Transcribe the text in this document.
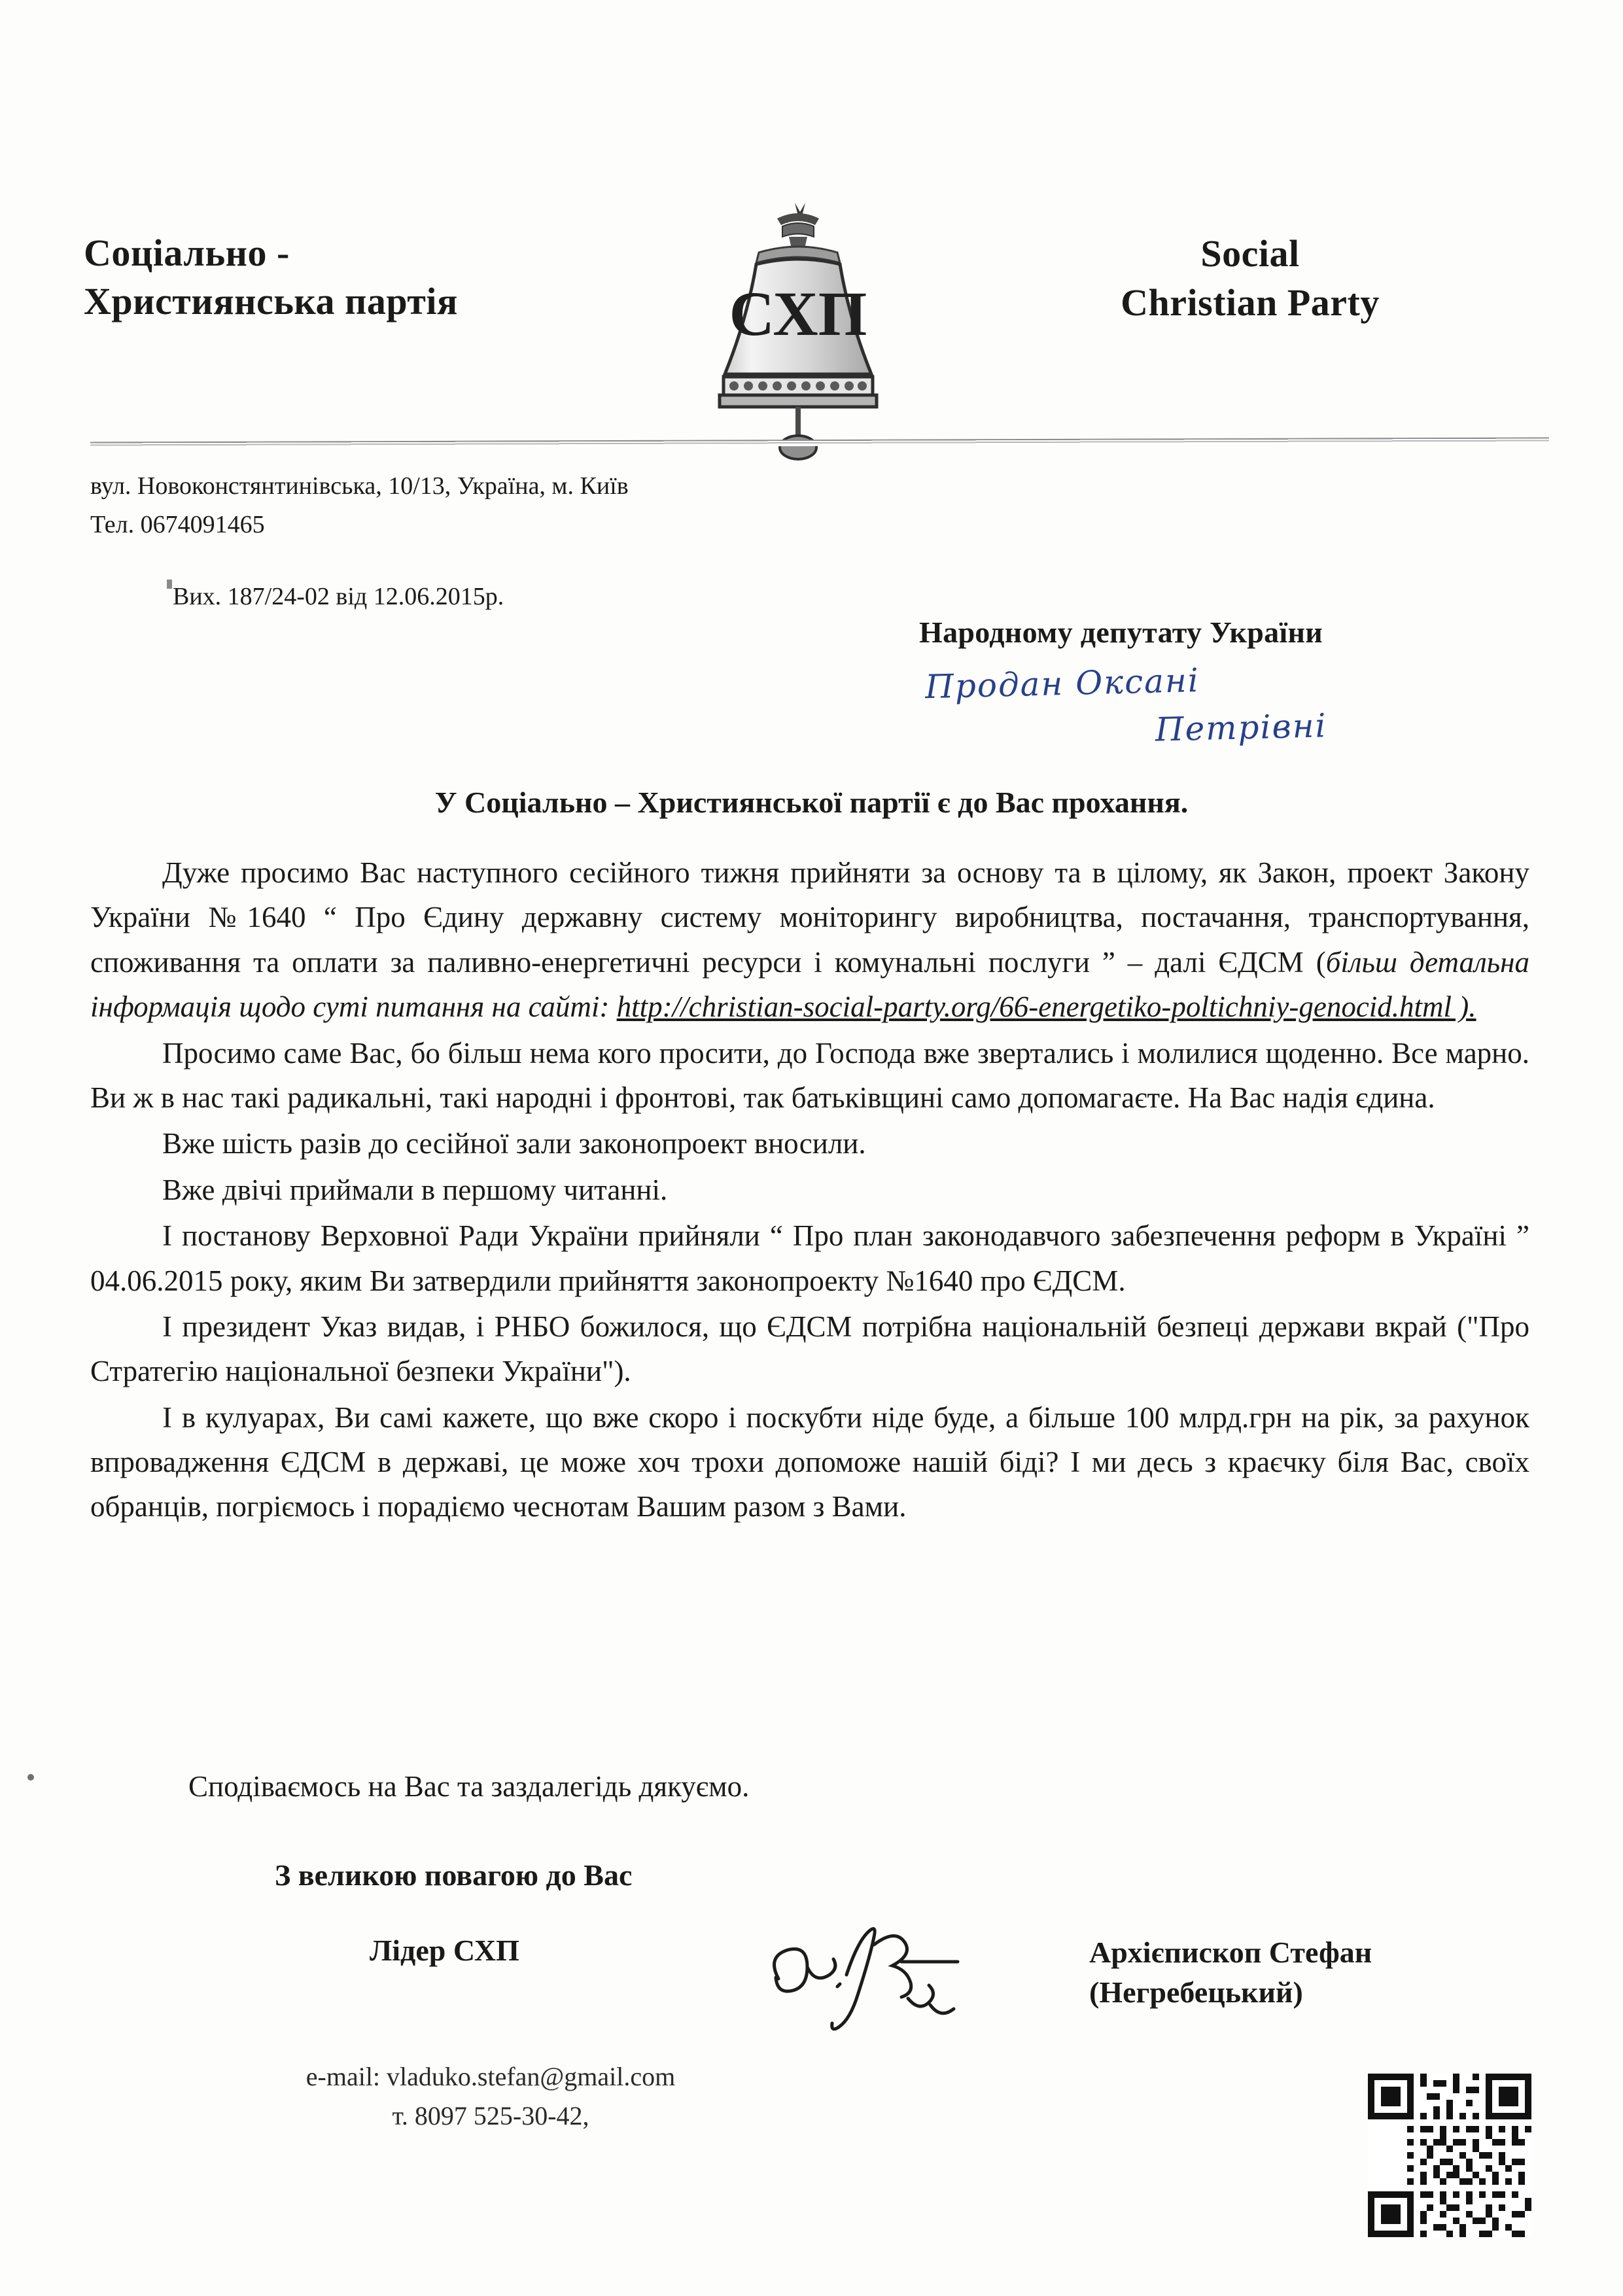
Соціально -
Християнська партія
Social
Christian Party
СХП
вул. Новоконстянтинівська, 10/13, Україна, м. Київ
Тел. 0674091465
Вих. 187/24-02 від 12.06.2015р.
Народному депутату України
Продан Оксані
Петрівні
У Соціально – Християнської партії є до Вас прохання.

Дуже просимо Вас наступного сесійного тижня прийняти за основу та в цілому, як Закон, проект Закону України №1640 “ Про Єдину державну систему моніторингу виробництва, постачання, транспортування, споживання та оплати за паливно-енергетичні ресурси і комунальні послуги ” – далі ЄДСМ (більш детальна інформація щодо суті питання на сайті: http://christian-social-party.org/66-energetiko-poltichniy-genocid.html ).

Просимо саме Вас, бо більш нема кого просити, до Господа вже звертались і молилися щоденно. Все марно. Ви ж в нас такі радикальні, такі народні і фронтові, так батьківщині само допомагаєте. На Вас надія єдина.

Вже шість разів до сесійної зали законопроект вносили.

Вже двічі приймали в першому читанні.

І постанову Верховної Ради України прийняли “ Про план законодавчого забезпечення реформ в Україні ” 04.06.2015 року, яким Ви затвердили прийняття законопроекту №1640 про ЄДСМ.

І президент Указ видав, і РНБО божилося, що ЄДСМ потрібна національній безпеці держави вкрай ("Про Стратегію національної безпеки України").

І в кулуарах, Ви самі кажете, що вже скоро і поскубти ніде буде, а більше 100 млрд.грн на рік, за рахунок впровадження ЄДСМ в державі, це може хоч трохи допоможе нашій біді? І ми десь з крaєчку біля Вас, своїх обранців, погріємось і порадіємо чеснотам Вашим разом з Вами.

Сподіваємось на Вас та заздалегідь дякуємо.
З великою повагою до Вас
Лідер СХП	Архієпископ Стефан
(Негребецький)
e-mail: vladuko.stefan@gmail.com
т. 8097 525-30-42,
